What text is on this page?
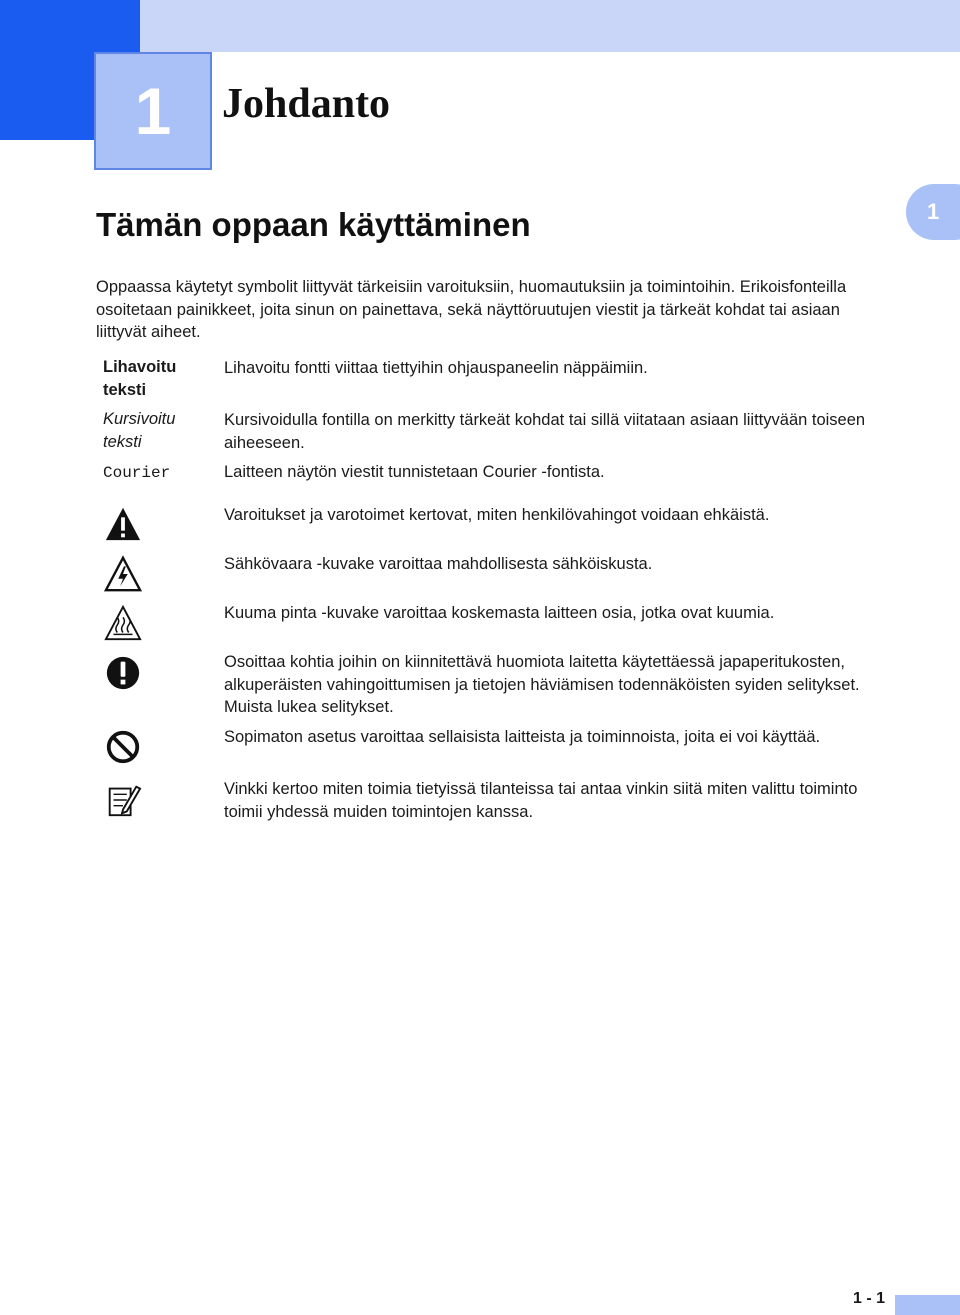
1	Johdanto
1
Tämän oppaan käyttäminen

Oppaassa käytetyt symbolit liittyvät tärkeisiin varoituksiin, huomautuksiin ja toimintoihin. Erikoisfonteilla osoitetaan painikkeet, joita sinun on painettava, sekä näyttöruutujen viestit ja tärkeät kohdat tai asiaan liittyvät aiheet.

Lihavoitu teksti

Lihavoitu fontti viittaa tiettyihin ohjauspaneelin näppäimiin.

Kursivoitu teksti

Kursivoidulla fontilla on merkitty tärkeät kohdat tai sillä viitataan asiaan liittyvään toiseen aiheeseen.

Courier	Laitteen näytön viestit tunnistetaan Courier -fontista.

Varoitukset ja varotoimet kertovat, miten henkilövahingot voidaan ehkäistä.

Sähkövaara -kuvake varoittaa mahdollisesta sähköiskusta.

Kuuma pinta -kuvake varoittaa koskemasta laitteen osia, jotka ovat kuumia.

Osoittaa kohtia joihin on kiinnitettävä huomiota laitetta käytettäessä japaperitukosten, alkuperäisten vahingoittumisen ja tietojen häviämisen todennäköisten syiden selitykset. Muista lukea selitykset.

Sopimaton asetus varoittaa sellaisista laitteista ja toiminnoista, joita ei voi käyttää.

Vinkki kertoo miten toimia tietyissä tilanteissa tai antaa vinkin siitä miten valittu toiminto toimii yhdessä muiden toimintojen kanssa.

1 - 1
